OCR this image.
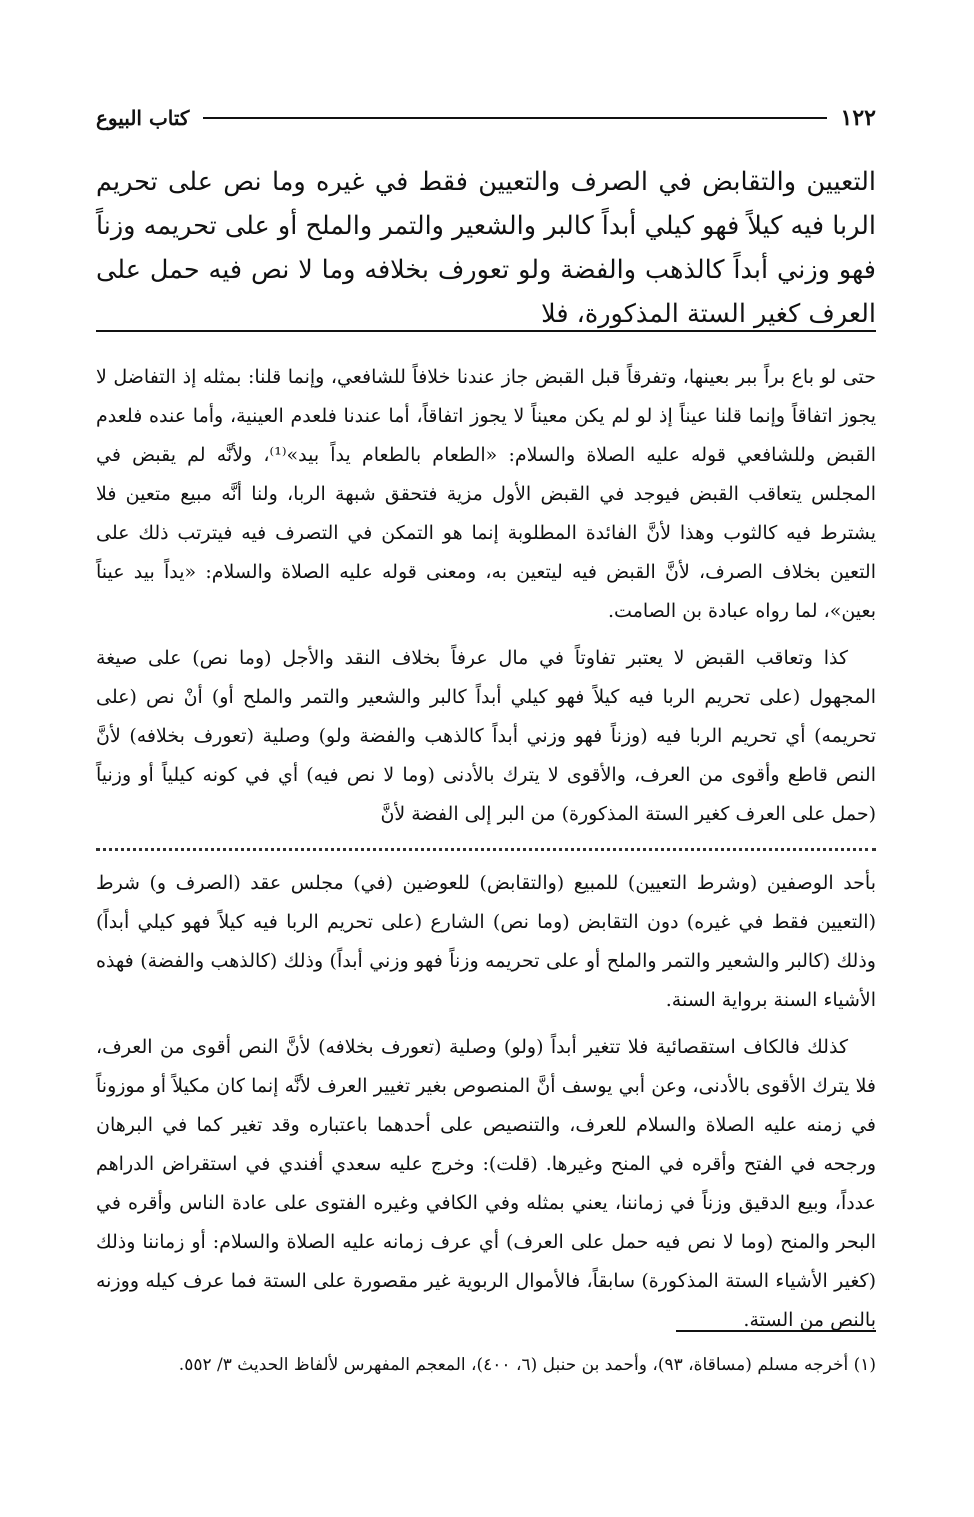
١٢٢
كتاب البيوع

التعيين والتقابض في الصرف والتعيين فقط في غيره وما نص على تحريم الربا فيه كيلاً فهو كيلي أبداً كالبر والشعير والتمر والملح أو على تحريمه وزناً فهو وزني أبداً كالذهب والفضة ولو تعورف بخلافه وما لا نص فيه حمل على العرف كغير الستة المذكورة، فلا

حتى لو باع براً ببر بعينها، وتفرقاً قبل القبض جاز عندنا خلافاً للشافعي، وإنما قلنا: بمثله إذ التفاضل لا يجوز اتفاقاً وإنما قلنا عيناً إذ لو لم يكن معيناً لا يجوز اتفاقاً، أما عندنا فلعدم العينية، وأما عنده فلعدم القبض وللشافعي قوله عليه الصلاة والسلام: «الطعام بالطعام يداً بيد»⁽¹⁾، ولأنَّه لم يقبض في المجلس يتعاقب القبض فيوجد في القبض الأول مزية فتحقق شبهة الربا، ولنا أنَّه مبيع متعين فلا يشترط فيه كالثوب وهذا لأنَّ الفائدة المطلوبة إنما هو التمكن في التصرف فيه فيترتب ذلك على التعين بخلاف الصرف، لأنَّ القبض فيه ليتعين به، ومعنى قوله عليه الصلاة والسلام: «يداً بيد عيناً بعين»، لما رواه عبادة بن الصامت.

كذا وتعاقب القبض لا يعتبر تفاوتاً في مال عرفاً بخلاف النقد والأجل (وما نص) على صيغة المجهول (على تحريم الربا فيه كيلاً فهو كيلي أبداً كالبر والشعير والتمر والملح أو) أنْ نص (على تحريمه) أي تحريم الربا فيه (وزناً فهو وزني أبداً كالذهب والفضة ولو) وصلية (تعورف بخلافه) لأنَّ النص قاطع وأقوى من العرف، والأقوى لا يترك بالأدنى (وما لا نص فيه) أي في كونه كيلياً أو وزنياً (حمل على العرف كغير الستة المذكورة) من البر إلى الفضة لأنَّ

بأحد الوصفين (وشرط التعيين) للمبيع (والتقابض) للعوضين (في) مجلس عقد (الصرف و) شرط (التعيين فقط في غيره) دون التقابض (وما نص) الشارع (على تحريم الربا فيه كيلاً فهو كيلي أبداً) وذلك (كالبر والشعير والتمر والملح أو على تحريمه وزناً فهو وزني أبداً) وذلك (كالذهب والفضة) فهذه الأشياء السنة برواية السنة.

كذلك فالكاف استقصائية فلا تتغير أبداً (ولو) وصلية (تعورف بخلافه) لأنَّ النص أقوى من العرف، فلا يترك الأقوى بالأدنى، وعن أبي يوسف أنَّ المنصوص بغير تغيير العرف لأنَّه إنما كان مكيلاً أو موزوناً في زمنه عليه الصلاة والسلام للعرف، والتنصيص على أحدهما باعتباره وقد تغير كما في البرهان ورجحه في الفتح وأقره في المنح وغيرها. (قلت): وخرج عليه سعدي أفندي في استقراض الدراهم عدداً، وبيع الدقيق وزناً في زماننا، يعني بمثله وفي الكافي وغيره الفتوى على عادة الناس وأقره في البحر والمنح (وما لا نص فيه حمل على العرف) أي عرف زمانه عليه الصلاة والسلام: أو زماننا وذلك (كغير الأشياء الستة المذكورة) سابقاً، فالأموال الربوية غير مقصورة على الستة فما عرف كيله ووزنه بالنص من الستة.

(١) أخرجه مسلم (مساقاة، ٩٣)، وأحمد بن حنبل (٦، ٤٠٠)، المعجم المفهرس لألفاظ الحديث ٣/ ٥٥٢.
